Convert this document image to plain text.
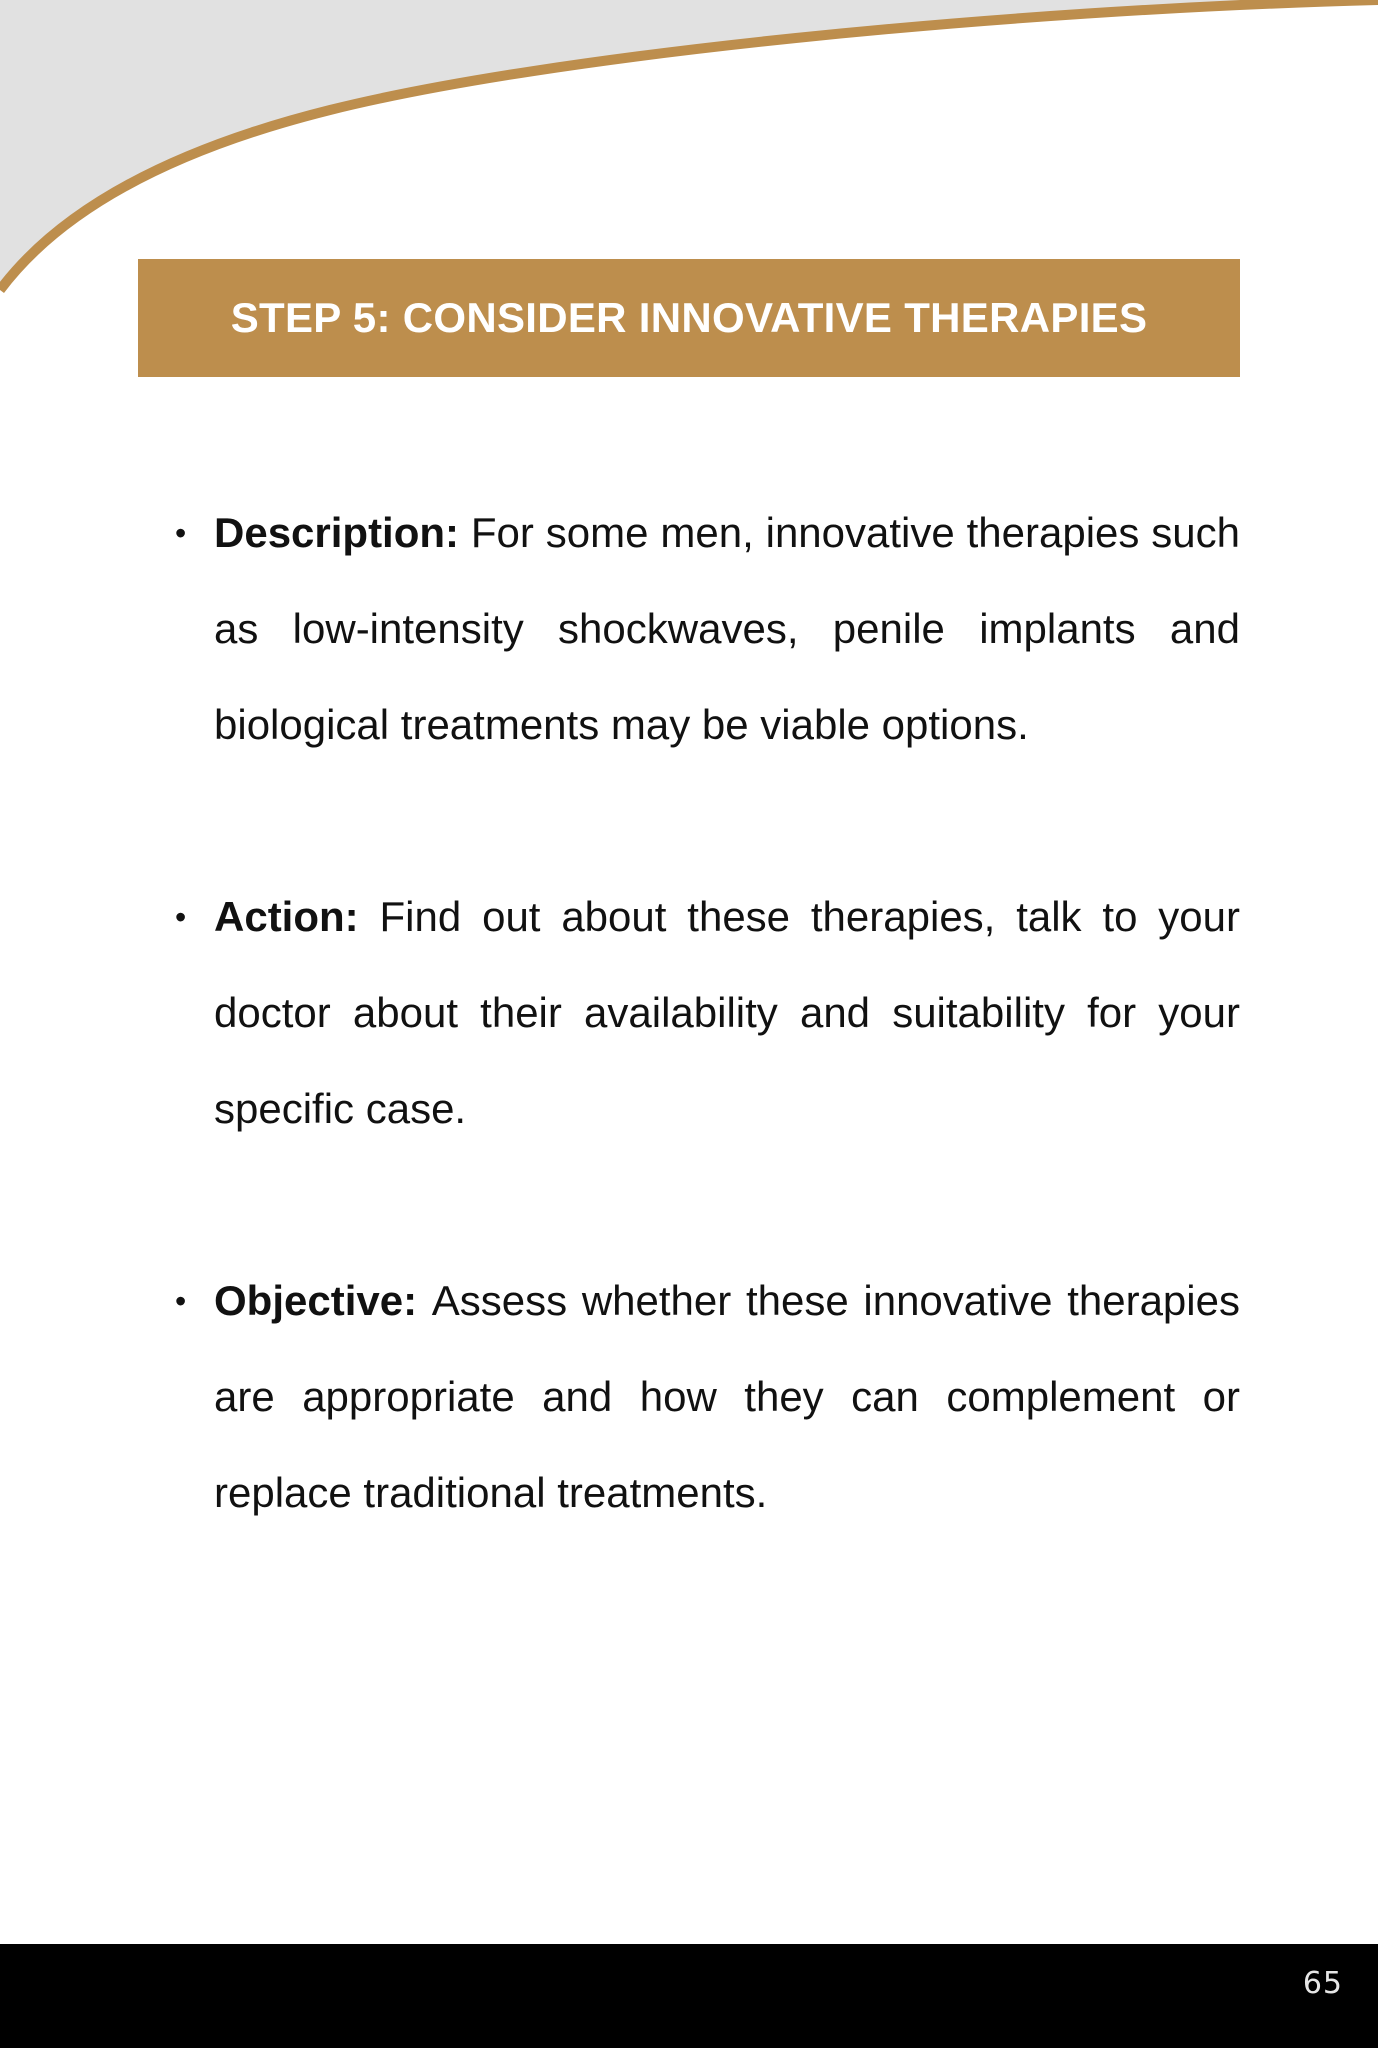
STEP 5: CONSIDER INNOVATIVE THERAPIES
• Description: For some men, innovative therapies such as low-intensity shockwaves, penile implants and biological treatments may be viable options.
• Action: Find out about these therapies, talk to your doctor about their availability and suitability for your specific case.
• Objective: Assess whether these innovative therapies are appropriate and how they can complement or replace traditional treatments.
65
